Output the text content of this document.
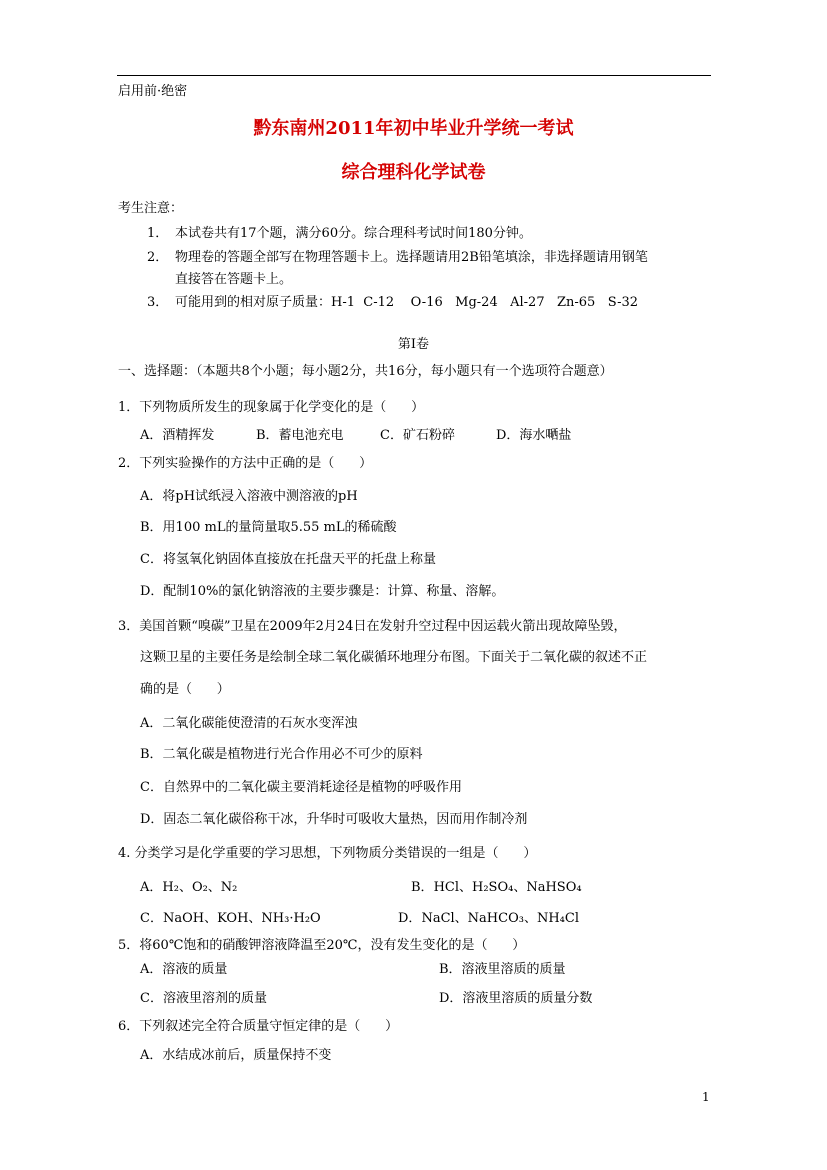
启用前·绝密
黔东南州2011年初中毕业升学统一考试
综合理科化学试卷
考生注意：
1． 本试卷共有17个题，满分60分。综合理科考试时间180分钟。
2． 物理卷的答题全部写在物理答题卡上。选择题请用2B铅笔填涂，非选择题请用钢笔
直接答在答题卡上。
3． 可能用到的相对原子质量：H-1  C-12    O-16   Mg-24   Al-27   Zn-65   S-32
第Ⅰ卷
一、选择题：（本题共8个小题；每小题2分，共16分，每小题只有一个选项符合题意）
1．下列物质所发生的现象属于化学变化的是（      ）
A．酒精挥发	B．蓄电池充电	C．矿石粉碎	D．海水嗮盐
2．下列实验操作的方法中正确的是（      ）
A．将pH试纸浸入溶液中测溶液的pH
B．用100 mL的量筒量取5.55 mL的稀硫酸
C．将氢氧化钠固体直接放在托盘天平的托盘上称量
D．配制10%的氯化钠溶液的主要步骤是：计算、称量、溶解。
3．美国首颗“嗅碳”卫星在2009年2月24日在发射升空过程中因运载火箭出现故障坠毁，
这颗卫星的主要任务是绘制全球二氧化碳循环地理分布图。下面关于二氧化碳的叙述不正
确的是（      ）
A．二氧化碳能使澄清的石灰水变浑浊
B．二氧化碳是植物进行光合作用必不可少的原料
C．自然界中的二氧化碳主要消耗途径是植物的呼吸作用
D．固态二氧化碳俗称干冰，升华时可吸收大量热，因而用作制冷剂
4. 分类学习是化学重要的学习思想，下列物质分类错误的一组是（      ）
A．H₂、O₂、N₂	B．HCl、H₂SO₄、NaHSO₄
C．NaOH、KOH、NH₃·H₂O	D．NaCl、NaHCO₃、NH₄Cl
5．将60℃饱和的硝酸钾溶液降温至20℃，没有发生变化的是（      ）
A．溶液的质量	B．溶液里溶质的质量
C．溶液里溶剂的质量	D．溶液里溶质的质量分数
6．下列叙述完全符合质量守恒定律的是（      ）
A．水结成冰前后，质量保持不变
1
